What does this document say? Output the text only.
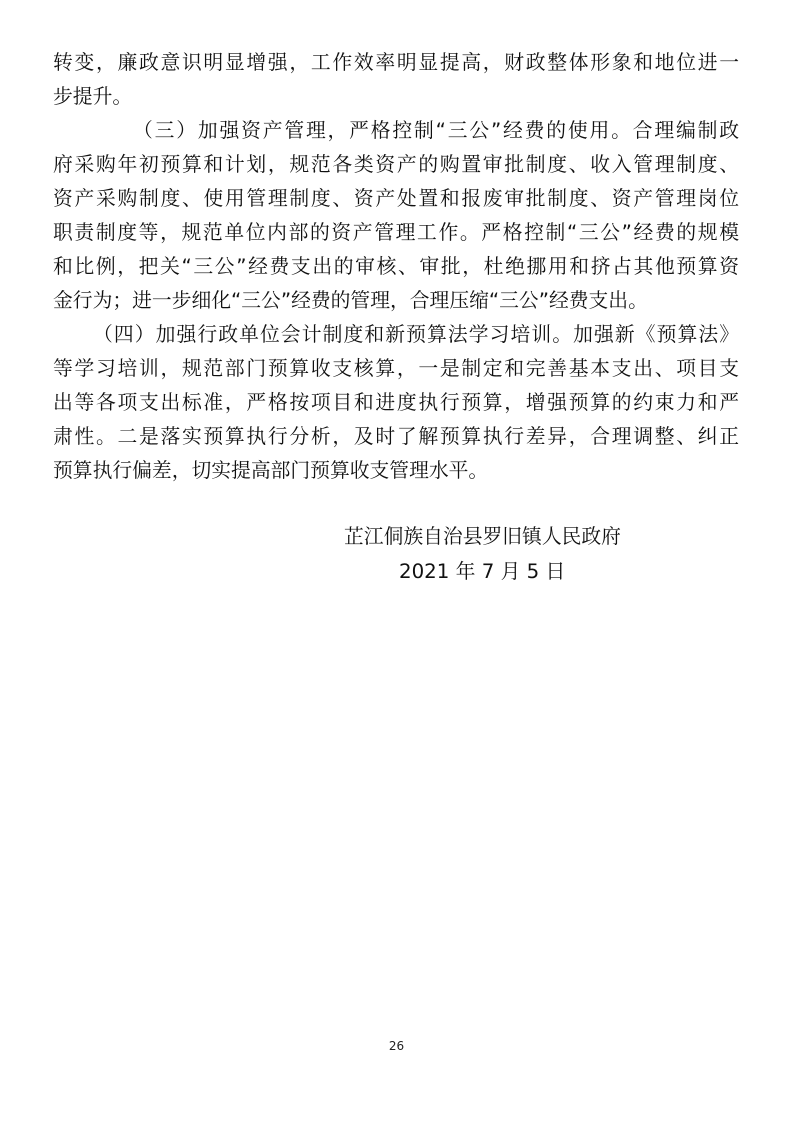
转变，廉政意识明显增强，工作效率明显提高，财政整体形象和地位进一
步提升。
（三）加强资产管理，严格控制“三公”经费的使用。合理编制政
府采购年初预算和计划，规范各类资产的购置审批制度、收入管理制度、
资产采购制度、使用管理制度、资产处置和报废审批制度、资产管理岗位
职责制度等，规范单位内部的资产管理工作。严格控制“三公”经费的规模
和比例，把关“三公”经费支出的审核、审批，杜绝挪用和挤占其他预算资
金行为；进一步细化“三公”经费的管理，合理压缩“三公”经费支出。
（四）加强行政单位会计制度和新预算法学习培训。加强新《预算法》
等学习培训，规范部门预算收支核算，一是制定和完善基本支出、项目支
出等各项支出标准，严格按项目和进度执行预算，增强预算的约束力和严
肃性。二是落实预算执行分析，及时了解预算执行差异，合理调整、纠正
预算执行偏差，切实提高部门预算收支管理水平。
芷江侗族自治县罗旧镇人民政府
2021 年 7 月 5 日
26
